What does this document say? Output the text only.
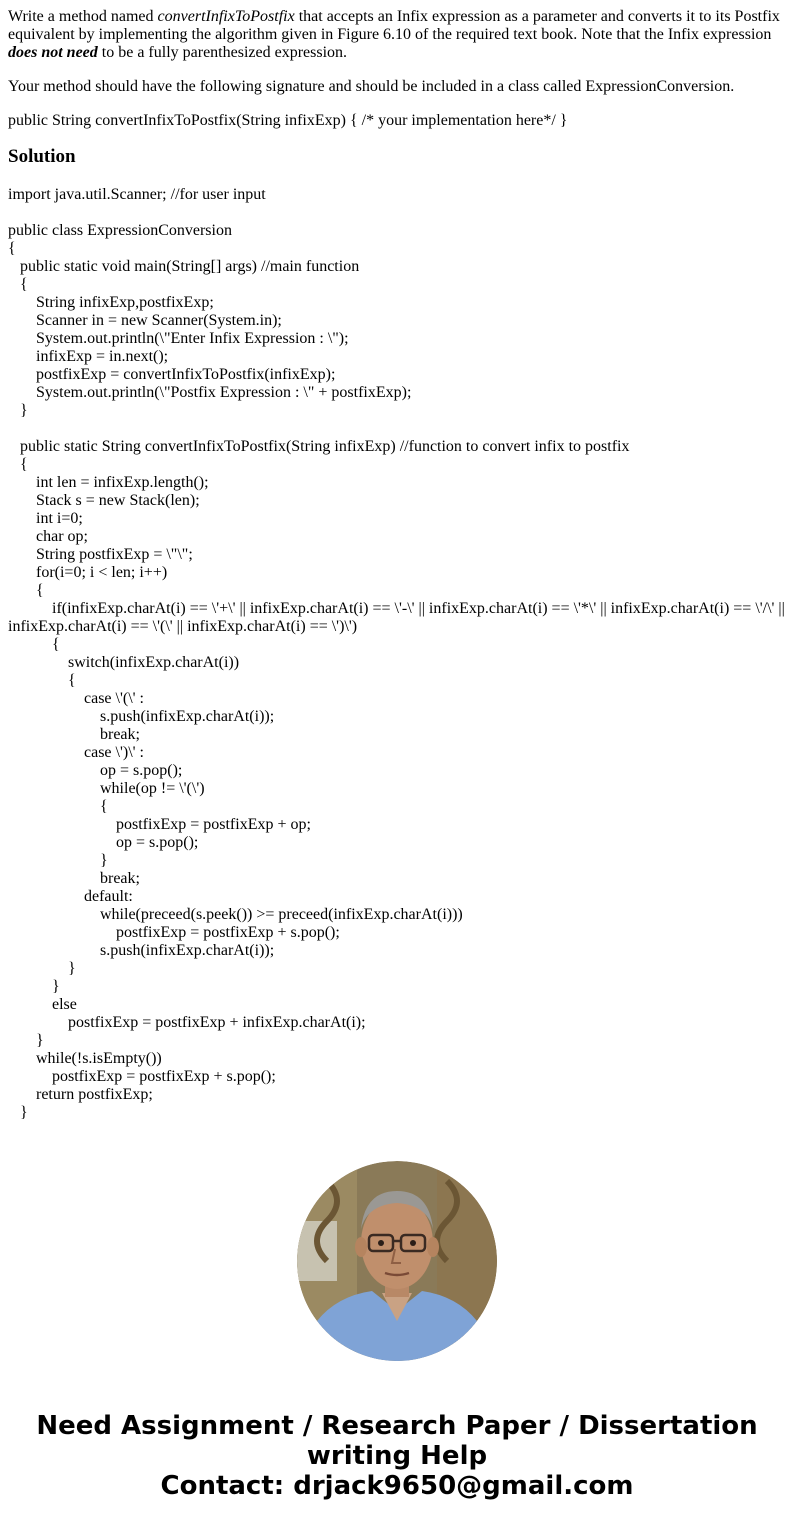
Write a method named convertInfixToPostfix that accepts an Infix expression as a parameter and converts it to its Postfix equivalent by implementing the algorithm given in Figure 6.10 of the required text book. Note that the Infix expression does not need to be a fully parenthesized expression.

Your method should have the following signature and should be included in a class called ExpressionConversion.

public String convertInfixToPostfix(String infixExp) { /* your implementation here*/ }

Solution
import java.util.Scanner; //for user input
public class ExpressionConversion
{
public static void main(String[] args) //main function
{
String infixExp,postfixExp;
Scanner in = new Scanner(System.in);
System.out.println(\"Enter Infix Expression : \");
infixExp = in.next();
postfixExp = convertInfixToPostfix(infixExp);
System.out.println(\"Postfix Expression : \" + postfixExp);
}
public static String convertInfixToPostfix(String infixExp) //function to convert infix to postfix
{
int len = infixExp.length();
Stack s = new Stack(len);
int i=0;
char op;
String postfixExp = \"\";
for(i=0; i < len; i++)
{
if(infixExp.charAt(i) == \'+\' || infixExp.charAt(i) == \'-\' || infixExp.charAt(i) == \'*\' || infixExp.charAt(i) == \'/\' || infixExp.charAt(i) == \'(\' || infixExp.charAt(i) == \')\')
{
switch(infixExp.charAt(i))
{
case \'(\' :
s.push(infixExp.charAt(i));
break;
case \')\' :
op = s.pop();
while(op != \'(\')
{
postfixExp = postfixExp + op;
op = s.pop();
}
break;
default:
while(preceed(s.peek()) >= preceed(infixExp.charAt(i)))
postfixExp = postfixExp + s.pop();
s.push(infixExp.charAt(i));
}
}
else
postfixExp = postfixExp + infixExp.charAt(i);
}
while(!s.isEmpty())
postfixExp = postfixExp + s.pop();
return postfixExp;
}
Need Assignment / Research Paper / Dissertation
writing Help
Contact: drjack9650@gmail.com
